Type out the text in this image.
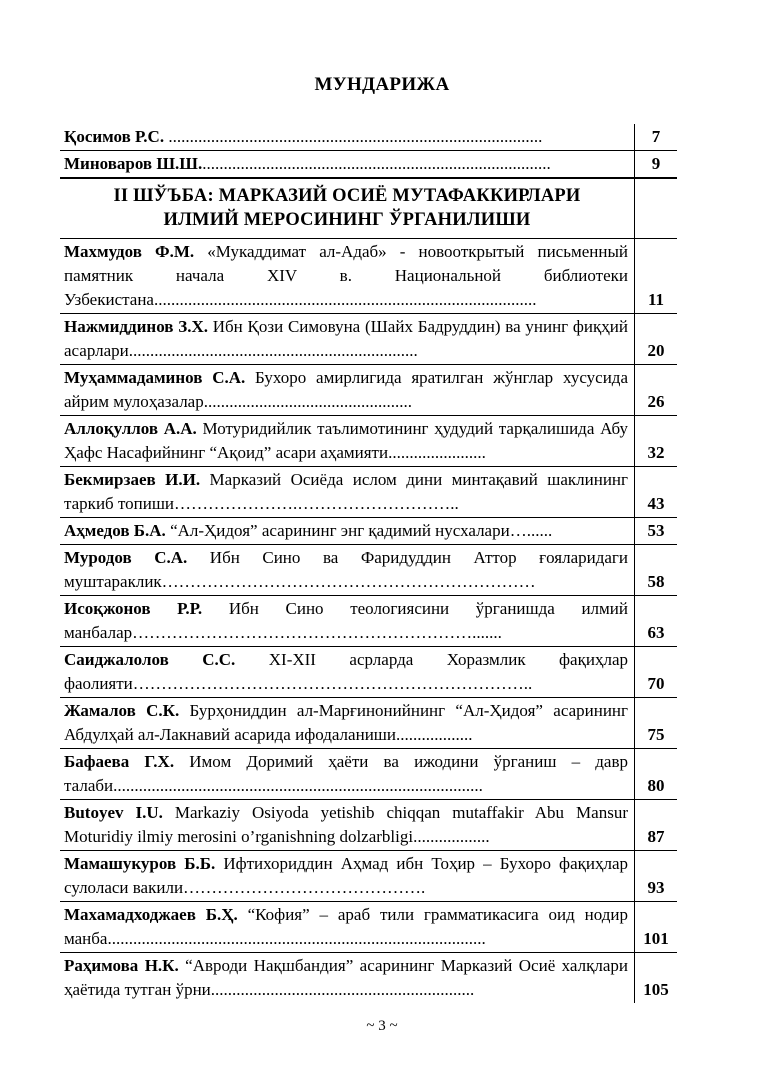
МУНДАРИЖА
Қосимов Р.С. ........................................................................................	7
Миноваров Ш.Ш...................................................................................	9

II ШЎЪБА: МАРКАЗИЙ ОСИЁ МУТАФАККИРЛАРИ
ИЛМИЙ МЕРОСИНИНГ ЎРГАНИЛИШИ	

Махмудов Ф.М. «Мукаддимат ал-Адаб» - новооткрытый письменный памятник начала XIV в. Национальной библиотеки Узбекистана..........................................................................................	11
Нажмиддинов З.Х. Ибн Қози Симовуна (Шайх Бадруддин) ва унинг фиқҳий асарлари....................................................................	20
Муҳаммадаминов С.А. Бухоро амирлигида яратилган жўнглар хусусида айрим мулоҳазалар.................................................	26
Аллоқуллов А.А. Мотуридийлик таълимотининг ҳудудий тарқалишида Абу Ҳафс Насафийнинг “Ақоид” асари аҳамияти.......................	32
Бекмирзаев И.И. Марказий Осиёда ислом дини минтақавий шаклининг таркиб топиши………………….………………………..	43
Аҳмедов Б.А. “Ал-Ҳидоя” асарининг энг қадимий нусхалари…......	53
Муродов С.А. Ибн Сино ва Фаридуддин Аттор ғояларидаги муштараклик…………………………………………………………	58
Исоқжонов Р.Р. Ибн Сино теологиясини ўрганишда илмий манбалар…………………………………………………….......	63
Саиджалолов С.С. XI-XII асрларда Хоразмлик фақиҳлар фаолияти……………………………………………………………..	70
Жамалов С.К. Бурҳониддин ал-Марғинонийнинг “Ал-Ҳидоя” асарининг Абдулҳай ал-Лакнавий асарида ифодаланиши..................	75
Бафаева Г.Х. Имом Доримий ҳаёти ва ижодини ўрганиш – давр талаби.......................................................................................	80
Butoyev I.U. Markaziy Osiyoda yetishib chiqqan mutaffakir Abu Mansur Moturidiy ilmiy merosini o’rganishning dolzarbligi..................	87
Мамашукуров Б.Б. Ифтихориддин Аҳмад ибн Тоҳир – Бухоро фақиҳлар сулоласи вакили…………………………………….	93
Махамадходжаев Б.Ҳ. “Кофия” – араб тили грамматикасига оид нодир манба.........................................................................................	101
Раҳимова Н.К. “Авроди Нақшбандия” асарининг Марказий Осиё халқлари ҳаётида тутган ўрни..............................................................	105
~ 3 ~
